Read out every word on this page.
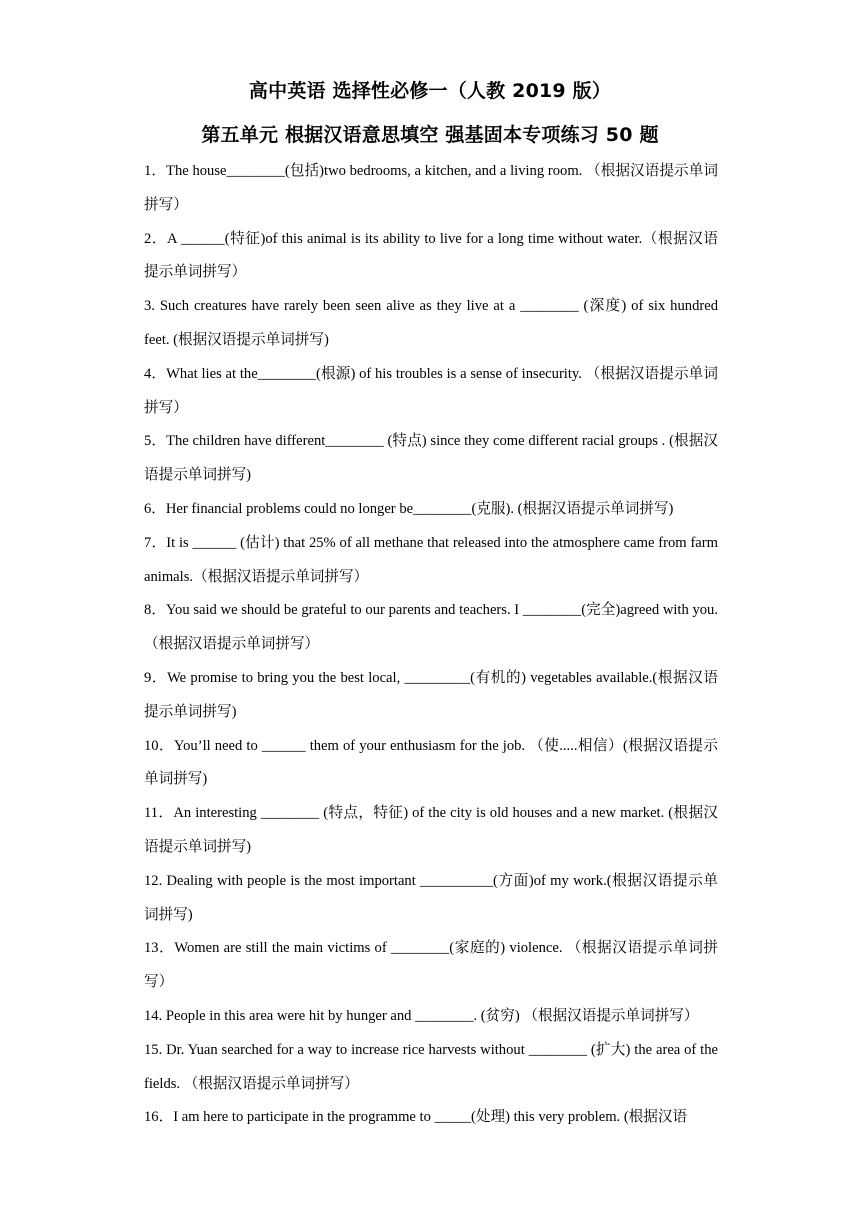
高中英语 选择性必修一（人教 2019 版）
第五单元 根据汉语意思填空 强基固本专项练习 50 题
1．The house________(包括)two bedrooms, a kitchen, and a living room. （根据汉语提示单词拼写）
2．A ______(特征)of this animal is its ability to live for a long time without water.（根据汉语提示单词拼写）
3. Such creatures have rarely been seen alive as they live at a ________ (深度) of six hundred feet. (根据汉语提示单词拼写)
4．What lies at the________(根源) of his troubles is a sense of insecurity. （根据汉语提示单词拼写）
5．The children have different________ (特点) since they come different racial groups . (根据汉语提示单词拼写)
6．Her financial problems could no longer be________(克服). (根据汉语提示单词拼写)
7．It is ______ (估计) that 25% of all methane that released into the atmosphere came from farm animals.（根据汉语提示单词拼写）
8．You said we should be grateful to our parents and teachers. I ________(完全)agreed with you. （根据汉语提示单词拼写）
9．We promise to bring you the best local, _________(有机的) vegetables available.(根据汉语提示单词拼写)
10．You’ll need to ______ them of your enthusiasm for the job. （使.....相信）(根据汉语提示单词拼写)
11．An interesting ________ (特点，特征) of the city is old houses and a new market. (根据汉语提示单词拼写)
12. Dealing with people is the most important __________(方面)of my work.(根据汉语提示单词拼写)
13．Women are still the main victims of ________(家庭的) violence. （根据汉语提示单词拼写）
14. People in this area were hit by hunger and ________. (贫穷) （根据汉语提示单词拼写）
15. Dr. Yuan searched for a way to increase rice harvests without ________ (扩大) the area of the fields. （根据汉语提示单词拼写）
16．I am here to participate in the programme to _____(处理) this very problem. (根据汉语
